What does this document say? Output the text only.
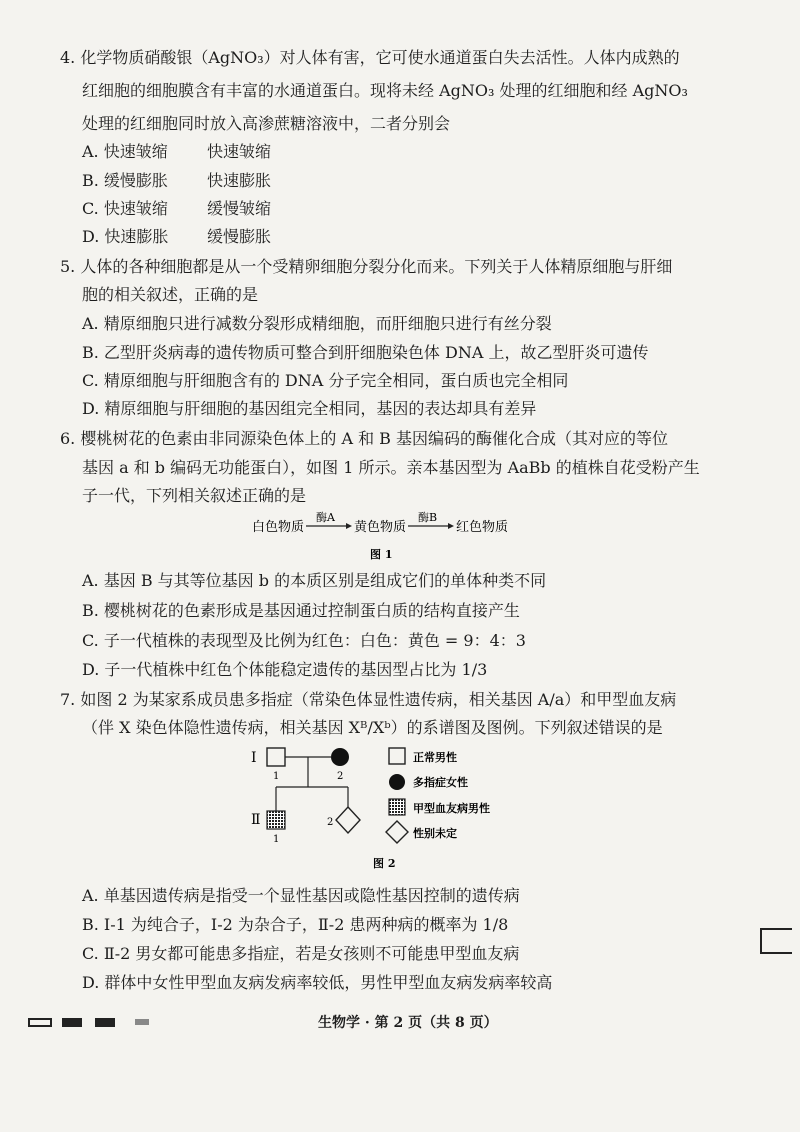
4. 化学物质硝酸银（AgNO₃）对人体有害，它可使水通道蛋白失去活性。人体内成熟的
红细胞的细胞膜含有丰富的水通道蛋白。现将未经 AgNO₃ 处理的红细胞和经 AgNO₃
处理的红细胞同时放入高渗蔗糖溶液中，二者分别会
A. 快速皱缩 快速皱缩
B. 缓慢膨胀 快速膨胀
C. 快速皱缩 缓慢皱缩
D. 快速膨胀 缓慢膨胀
5. 人体的各种细胞都是从一个受精卵细胞分裂分化而来。下列关于人体精原细胞与肝细
胞的相关叙述，正确的是
A. 精原细胞只进行减数分裂形成精细胞，而肝细胞只进行有丝分裂
B. 乙型肝炎病毒的遗传物质可整合到肝细胞染色体 DNA 上，故乙型肝炎可遗传
C. 精原细胞与肝细胞含有的 DNA 分子完全相同，蛋白质也完全相同
D. 精原细胞与肝细胞的基因组完全相同，基因的表达却具有差异
6. 樱桃树花的色素由非同源染色体上的 A 和 B 基因编码的酶催化合成（其对应的等位
基因 a 和 b 编码无功能蛋白），如图 1 所示。亲本基因型为 AaBb 的植株自花受粉产生
子一代，下列相关叙述正确的是
白色物质
酶A
黄色物质
酶B
红色物质
图 1
A. 基因 B 与其等位基因 b 的本质区别是组成它们的单体种类不同
B. 樱桃树花的色素形成是基因通过控制蛋白质的结构直接产生
C. 子一代植株的表现型及比例为红色：白色：黄色 = 9：4：3
D. 子一代植株中红色个体能稳定遗传的基因型占比为 1/3
7. 如图 2 为某家系成员患多指症（常染色体显性遗传病，相关基因 A/a）和甲型血友病
（伴 X 染色体隐性遗传病，相关基因 Xᴮ/Xᵇ）的系谱图及图例。下列叙述错误的是
Ⅰ
Ⅱ
1	2
1
2
正常男性
多指症女性
甲型血友病男性
性别未定
图 2
A. 单基因遗传病是指受一个显性基因或隐性基因控制的遗传病
B. Ⅰ-1 为纯合子，Ⅰ-2 为杂合子，Ⅱ-2 患两种病的概率为 1/8
C. Ⅱ-2 男女都可能患多指症，若是女孩则不可能患甲型血友病
D. 群体中女性甲型血友病发病率较低，男性甲型血友病发病率较高
生物学 · 第 2 页（共 8 页）
